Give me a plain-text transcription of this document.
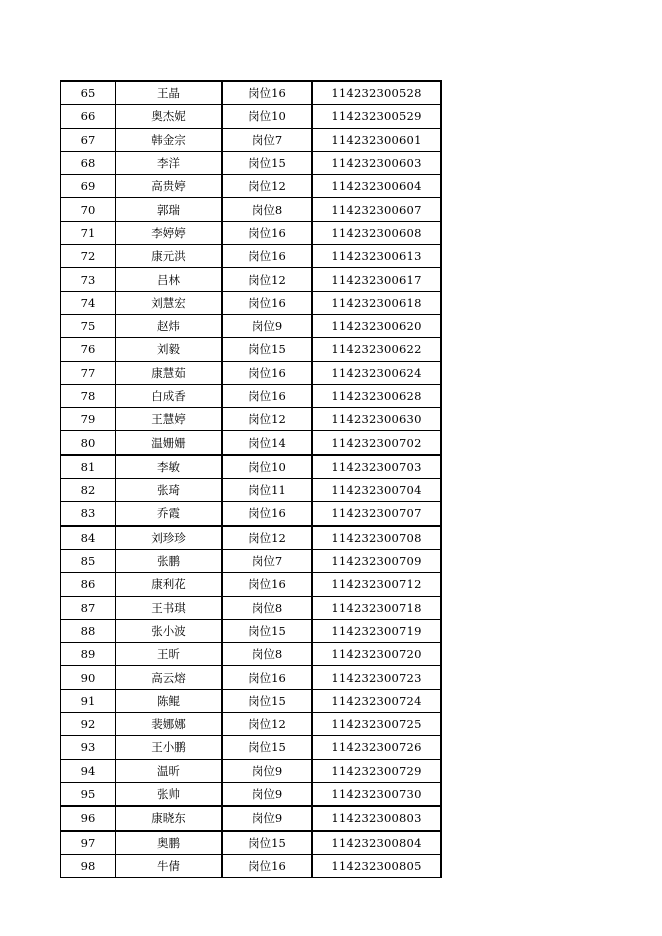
65	王晶	岗位16	114232300528
66	奥杰妮	岗位10	114232300529
67	韩金宗	岗位7	114232300601
68	李洋	岗位15	114232300603
69	高贵婷	岗位12	114232300604
70	郭瑞	岗位8	114232300607
71	李婷婷	岗位16	114232300608
72	康元洪	岗位16	114232300613
73	吕林	岗位12	114232300617
74	刘慧宏	岗位16	114232300618
75	赵炜	岗位9	114232300620
76	刘毅	岗位15	114232300622
77	康慧茹	岗位16	114232300624
78	白成香	岗位16	114232300628
79	王慧婷	岗位12	114232300630
80	温姗姗	岗位14	114232300702
81	李敏	岗位10	114232300703
82	张琦	岗位11	114232300704
83	乔霞	岗位16	114232300707
84	刘珍珍	岗位12	114232300708
85	张鹏	岗位7	114232300709
86	康利花	岗位16	114232300712
87	王书琪	岗位8	114232300718
88	张小波	岗位15	114232300719
89	王昕	岗位8	114232300720
90	高云熔	岗位16	114232300723
91	陈鲲	岗位15	114232300724
92	裴娜娜	岗位12	114232300725
93	王小鹏	岗位15	114232300726
94	温昕	岗位9	114232300729
95	张帅	岗位9	114232300730
96	康晓东	岗位9	114232300803
97	奥鹏	岗位15	114232300804
98	牛倩	岗位16	114232300805
